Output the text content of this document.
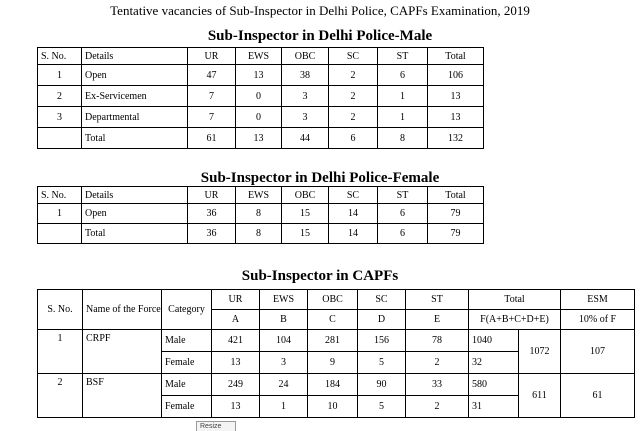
Tentative vacancies of Sub-Inspector in Delhi Police, CAPFs Examination, 2019
Sub-Inspector in Delhi Police-Male
S. No.	Details	UR	EWS	OBC	SC	ST	Total
1	Open	47	13	38	2	6	106
2	Ex-Servicemen	7	0	3	2	1	13
3	Departmental	7	0	3	2	1	13
	Total	61	13	44	6	8	132
Sub-Inspector in Delhi Police-Female
S. No.	Details	UR	EWS	OBC	SC	ST	Total
1	Open	36	8	15	14	6	79
	Total	36	8	15	14	6	79
Sub-Inspector in CAPFs
S. No.	Name of the Force	Category	UR	EWS	OBC	SC	ST	Total		ESM
			A	B	C	D	E	F(A+B+C+D+E)		10% of F
1	CRPF	Male	421	104	281	156	78	1040	1072	107
		Female	13	3	9	5	2	32		
2	BSF	Male	249	24	184	90	33	580	611	61
		Female	13	1	10	5	2	31		
Resize
